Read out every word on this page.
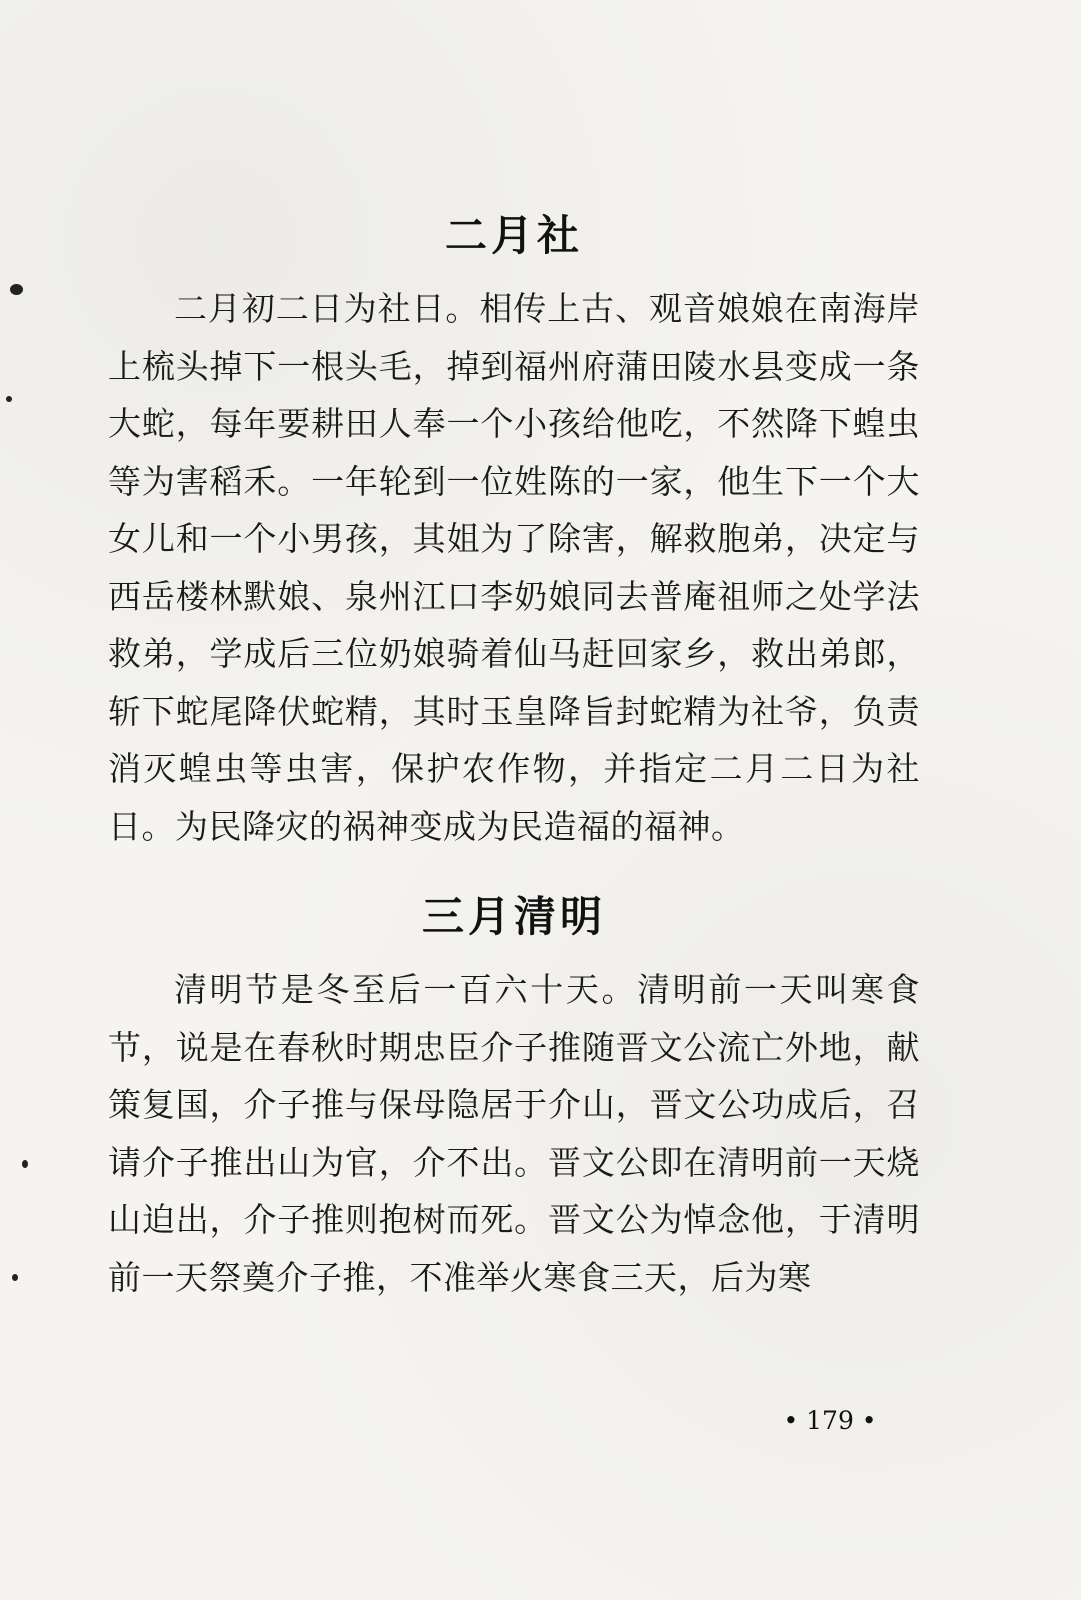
二月社

二月初二日为社日。相传上古、观音娘娘在南海岸上梳头掉下一根头毛，掉到福州府蒲田陵水县变成一条大蛇，每年要耕田人奉一个小孩给他吃，不然降下蝗虫等为害稻禾。一年轮到一位姓陈的一家，他生下一个大女儿和一个小男孩，其姐为了除害，解救胞弟，决定与西岳楼林默娘、泉州江口李奶娘同去普庵祖师之处学法救弟，学成后三位奶娘骑着仙马赶回家乡，救出弟郎，斩下蛇尾降伏蛇精，其时玉皇降旨封蛇精为社爷，负责消灭蝗虫等虫害，保护农作物，并指定二月二日为社日。为民降灾的祸神变成为民造福的福神。

三月清明

清明节是冬至后一百六十天。清明前一天叫寒食节，说是在春秋时期忠臣介子推随晋文公流亡外地，献策复国，介子推与保母隐居于介山，晋文公功成后，召请介子推出山为官，介不出。晋文公即在清明前一天烧山迫出，介子推则抱树而死。晋文公为悼念他，于清明前一天祭奠介子推，不准举火寒食三天，后为寒

• 179 •
